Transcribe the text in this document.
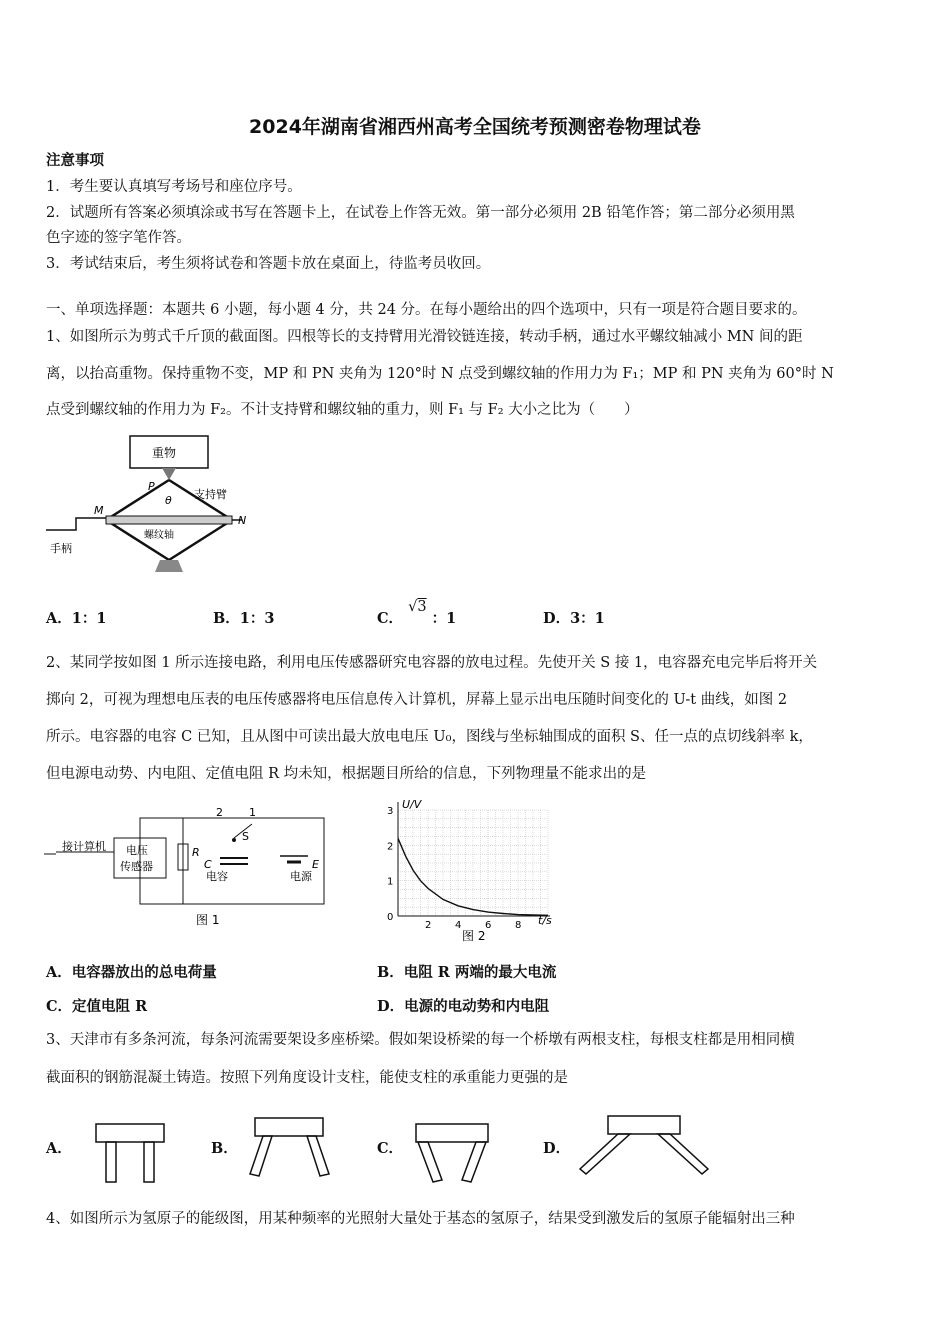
2024年湖南省湘西州高考全国统考预测密卷物理试卷
注意事项
1．考生要认真填写考场号和座位序号。
2．试题所有答案必须填涂或书写在答题卡上，在试卷上作答无效。第一部分必须用 2B 铅笔作答；第二部分必须用黑
色字迹的签字笔作答。
3．考试结束后，考生须将试卷和答题卡放在桌面上，待监考员收回。
一、单项选择题：本题共 6 小题，每小题 4 分，共 24 分。在每小题给出的四个选项中，只有一项是符合题目要求的。
1、如图所示为剪式千斤顶的截面图。四根等长的支持臂用光滑铰链连接，转动手柄，通过水平螺纹轴减小 MN 间的距
离，以抬高重物。保持重物不变，MP 和 PN 夹角为 120°时 N 点受到螺纹轴的作用力为 F₁；MP 和 PN 夹角为 60°时 N
点受到螺纹轴的作用力为 F₂。不计支持臂和螺纹轴的重力，则 F₁ 与 F₂ 大小之比为（　　）
重物
P
θ 支持臂
M
N
螺纹轴
手柄
A．1：1	B．1：3	C． √3 ：1	D．3：1
2、某同学按如图 1 所示连接电路，利用电压传感器研究电容器的放电过程。先使开关 S 接 1，电容器充电完毕后将开关
掷向 2，可视为理想电压表的电压传感器将电压信息传入计算机，屏幕上显示出电压随时间变化的 U-t 曲线，如图 2
所示。电容器的电容 C 已知，且从图中可读出最大放电电压 U₀，图线与坐标轴围成的面积 S、任一点的点切线斜率 k，
但电源电动势、内电阻、定值电阻 R 均未知，根据题目所给的信息，下列物理量不能求出的是
接计算机 电压
传感器
R
2 1
S
C
电容
E
电源
图 1	2 4 6 8
0
1
2
3
U/V
t/s
图 2
A．电容器放出的总电荷量	B．电阻 R 两端的最大电流
C．定值电阻 R	D．电源的电动势和内电阻
3、天津市有多条河流，每条河流需要架设多座桥梁。假如架设桥梁的每一个桥墩有两根支柱，每根支柱都是用相同横
截面积的钢筋混凝土铸造。按照下列角度设计支柱，能使支柱的承重能力更强的是
A．	B．	C．	D．
4、如图所示为氢原子的能级图，用某种频率的光照射大量处于基态的氢原子，结果受到激发后的氢原子能辐射出三种
